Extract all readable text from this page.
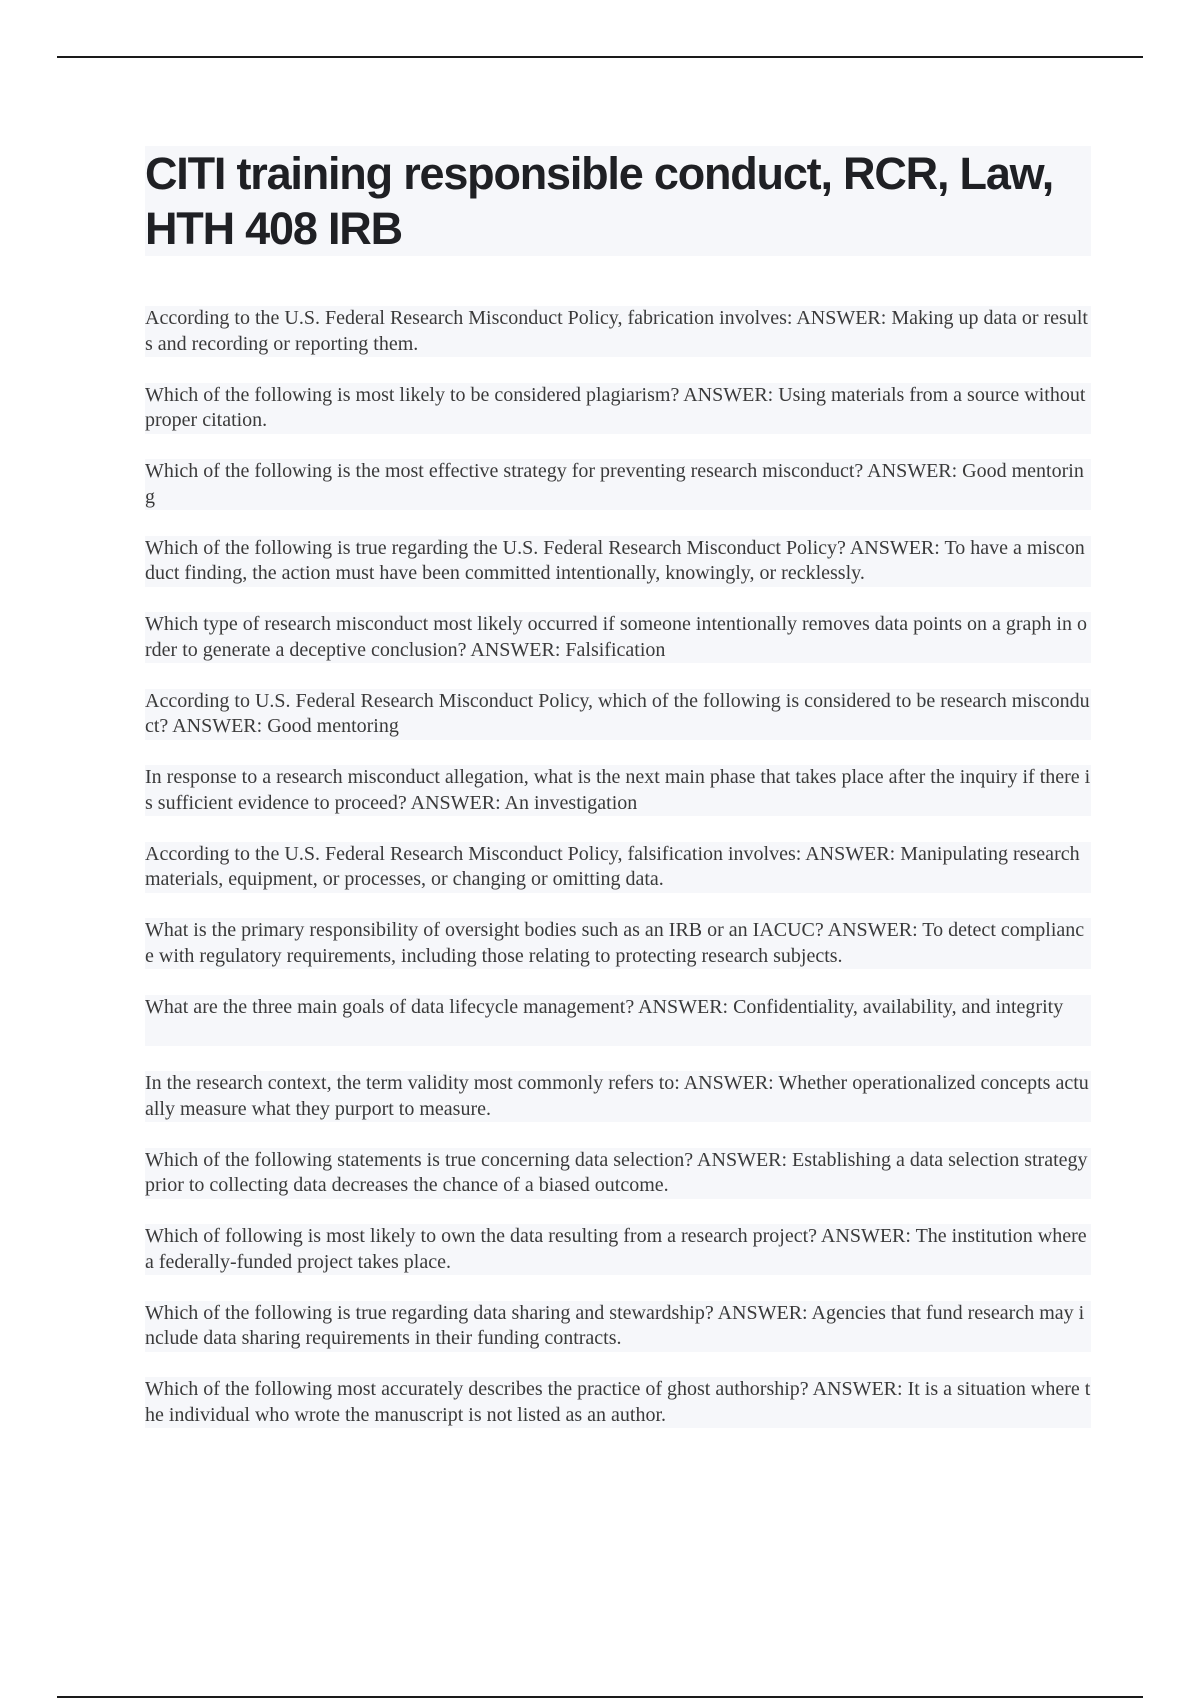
CITI training responsible conduct, RCR, Law, HTH 408 IRB

According to the U.S. Federal Research Misconduct Policy, fabrication involves: ANSWER: Making up data or results and recording or reporting them.

Which of the following is most likely to be considered plagiarism? ANSWER: Using materials from a source without proper citation.

Which of the following is the most effective strategy for preventing research misconduct? ANSWER: Good mentoring

Which of the following is true regarding the U.S. Federal Research Misconduct Policy? ANSWER: To have a misconduct finding, the action must have been committed intentionally, knowingly, or recklessly.

Which type of research misconduct most likely occurred if someone intentionally removes data points on a graph in order to generate a deceptive conclusion? ANSWER: Falsification

According to U.S. Federal Research Misconduct Policy, which of the following is considered to be research misconduct? ANSWER: Good mentoring

In response to a research misconduct allegation, what is the next main phase that takes place after the inquiry if there is sufficient evidence to proceed? ANSWER: An investigation

According to the U.S. Federal Research Misconduct Policy, falsification involves: ANSWER: Manipulating research materials, equipment, or processes, or changing or omitting data.

What is the primary responsibility of oversight bodies such as an IRB or an IACUC? ANSWER: To detect compliance with regulatory requirements, including those relating to protecting research subjects.

What are the three main goals of data lifecycle management? ANSWER: Confidentiality, availability, and integrity

In the research context, the term validity most commonly refers to: ANSWER: Whether operationalized concepts actually measure what they purport to measure.

Which of the following statements is true concerning data selection? ANSWER: Establishing a data selection strategy prior to collecting data decreases the chance of a biased outcome.

Which of following is most likely to own the data resulting from a research project? ANSWER: The institution where a federally-funded project takes place.

Which of the following is true regarding data sharing and stewardship? ANSWER: Agencies that fund research may include data sharing requirements in their funding contracts.

Which of the following most accurately describes the practice of ghost authorship? ANSWER: It is a situation where the individual who wrote the manuscript is not listed as an author.
